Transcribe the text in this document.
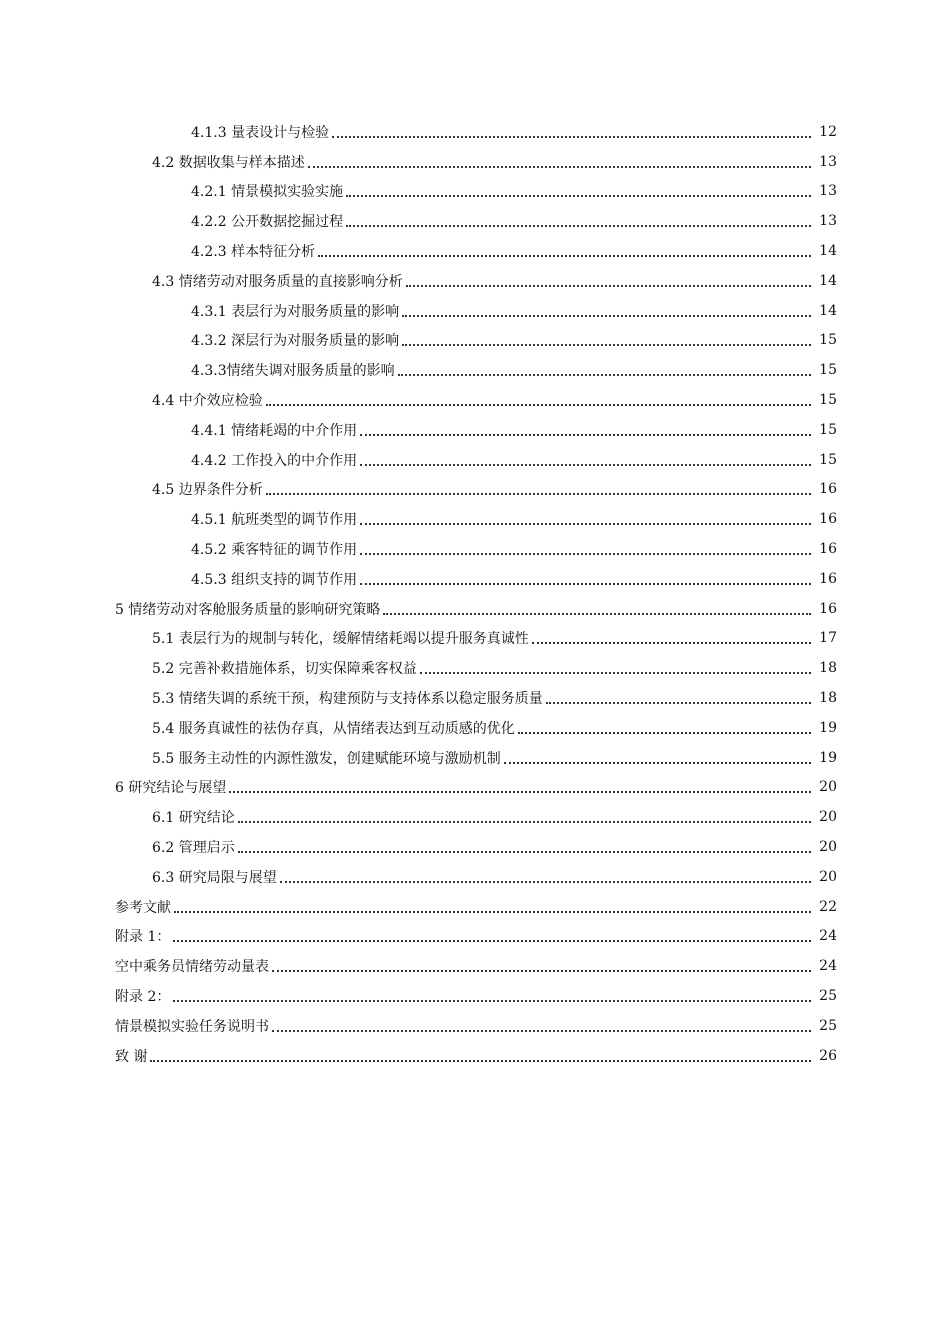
4.1.3 量表设计与检验	12
4.2 数据收集与样本描述	13
4.2.1 情景模拟实验实施	13
4.2.2 公开数据挖掘过程	13
4.2.3 样本特征分析	14
4.3 情绪劳动对服务质量的直接影响分析	14
4.3.1 表层行为对服务质量的影响	14
4.3.2 深层行为对服务质量的影响	15
4.3.3情绪失调对服务质量的影响	15
4.4 中介效应检验	15
4.4.1 情绪耗竭的中介作用	15
4.4.2 工作投入的中介作用	15
4.5 边界条件分析	16
4.5.1 航班类型的调节作用	16
4.5.2 乘客特征的调节作用	16
4.5.3 组织支持的调节作用	16
5 情绪劳动对客舱服务质量的影响研究策略	16
5.1 表层行为的规制与转化，缓解情绪耗竭以提升服务真诚性	17
5.2 完善补救措施体系，切实保障乘客权益	18
5.3 情绪失调的系统干预，构建预防与支持体系以稳定服务质量	18
5.4 服务真诚性的祛伪存真，从情绪表达到互动质感的优化	19
5.5 服务主动性的内源性激发，创建赋能环境与激励机制	19
6 研究结论与展望	20
6.1 研究结论	20
6.2 管理启示	20
6.3 研究局限与展望	20
参考文献	22
附录 1：	24
空中乘务员情绪劳动量表	24
附录 2：	25
情景模拟实验任务说明书	25
致 谢	26
